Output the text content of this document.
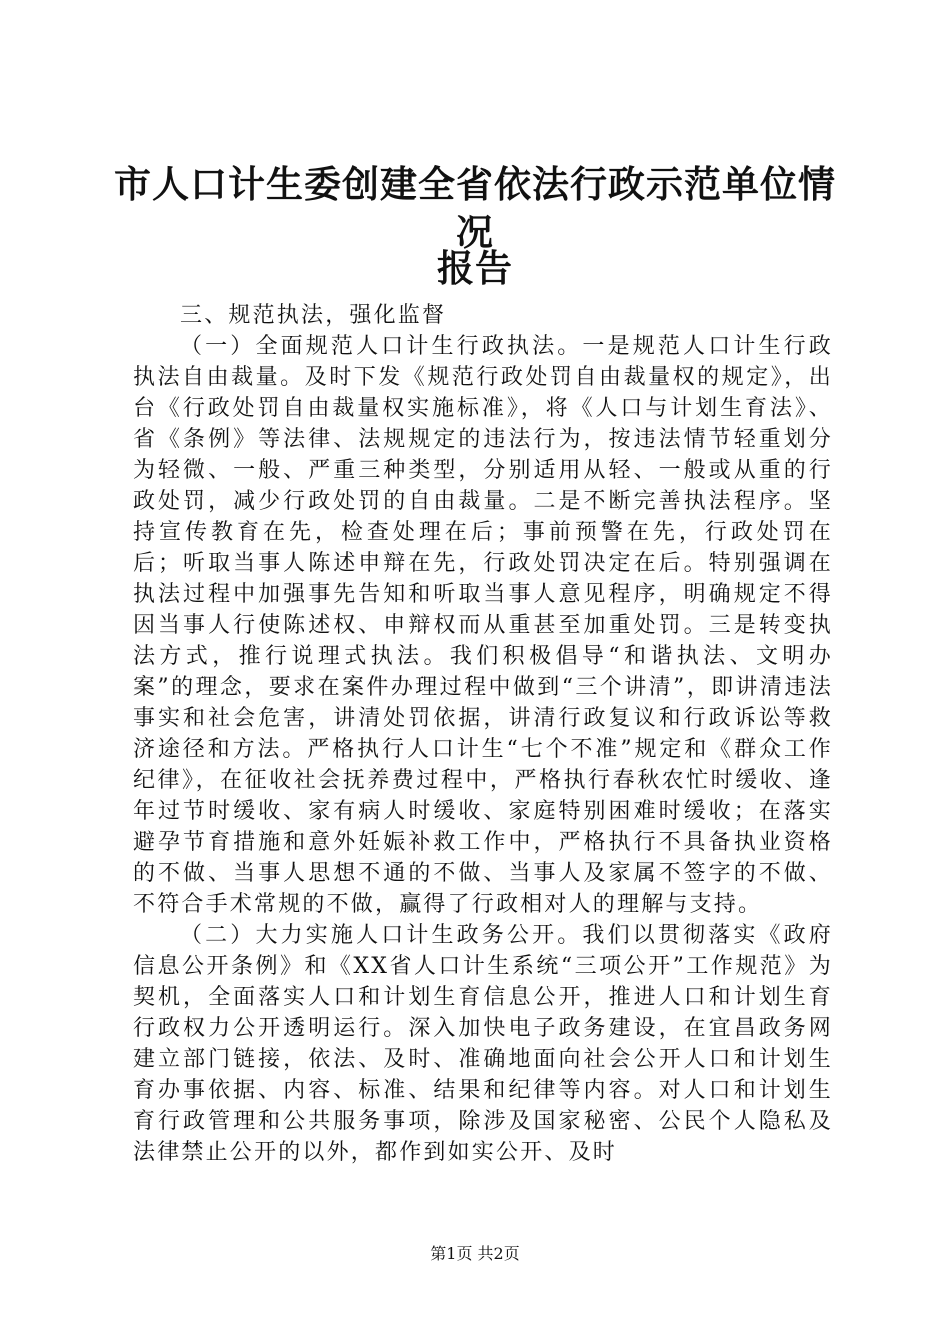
市人口计生委创建全省依法行政示范单位情况
报告

三、规范执法，强化监督

（一）全面规范人口计生行政执法。一是规范人口计生行政执法自由裁量。及时下发《规范行政处罚自由裁量权的规定》，出台《行政处罚自由裁量权实施标准》，将《人口与计划生育法》、省《条例》等法律、法规规定的违法行为，按违法情节轻重划分为轻微、一般、严重三种类型，分别适用从轻、一般或从重的行政处罚，减少行政处罚的自由裁量。二是不断完善执法程序。坚持宣传教育在先，检查处理在后；事前预警在先，行政处罚在后；听取当事人陈述申辩在先，行政处罚决定在后。特别强调在执法过程中加强事先告知和听取当事人意见程序，明确规定不得因当事人行使陈述权、申辩权而从重甚至加重处罚。三是转变执法方式，推行说理式执法。我们积极倡导“和谐执法、文明办案”的理念，要求在案件办理过程中做到“三个讲清”，即讲清违法事实和社会危害，讲清处罚依据，讲清行政复议和行政诉讼等救济途径和方法。严格执行人口计生“七个不准”规定和《群众工作纪律》，在征收社会抚养费过程中，严格执行春秋农忙时缓收、逢年过节时缓收、家有病人时缓收、家庭特别困难时缓收；在落实避孕节育措施和意外妊娠补救工作中，严格执行不具备执业资格的不做、当事人思想不通的不做、当事人及家属不签字的不做、不符合手术常规的不做，赢得了行政相对人的理解与支持。

（二）大力实施人口计生政务公开。我们以贯彻落实《政府信息公开条例》和《XX省人口计生系统“三项公开”工作规范》为契机，全面落实人口和计划生育信息公开，推进人口和计划生育行政权力公开透明运行。深入加快电子政务建设，在宜昌政务网建立部门链接，依法、及时、准确地面向社会公开人口和计划生育办事依据、内容、标准、结果和纪律等内容。对人口和计划生育行政管理和公共服务事项，除涉及国家秘密、公民个人隐私及法律禁止公开的以外，都作到如实公开、及时

第1页 共2页
